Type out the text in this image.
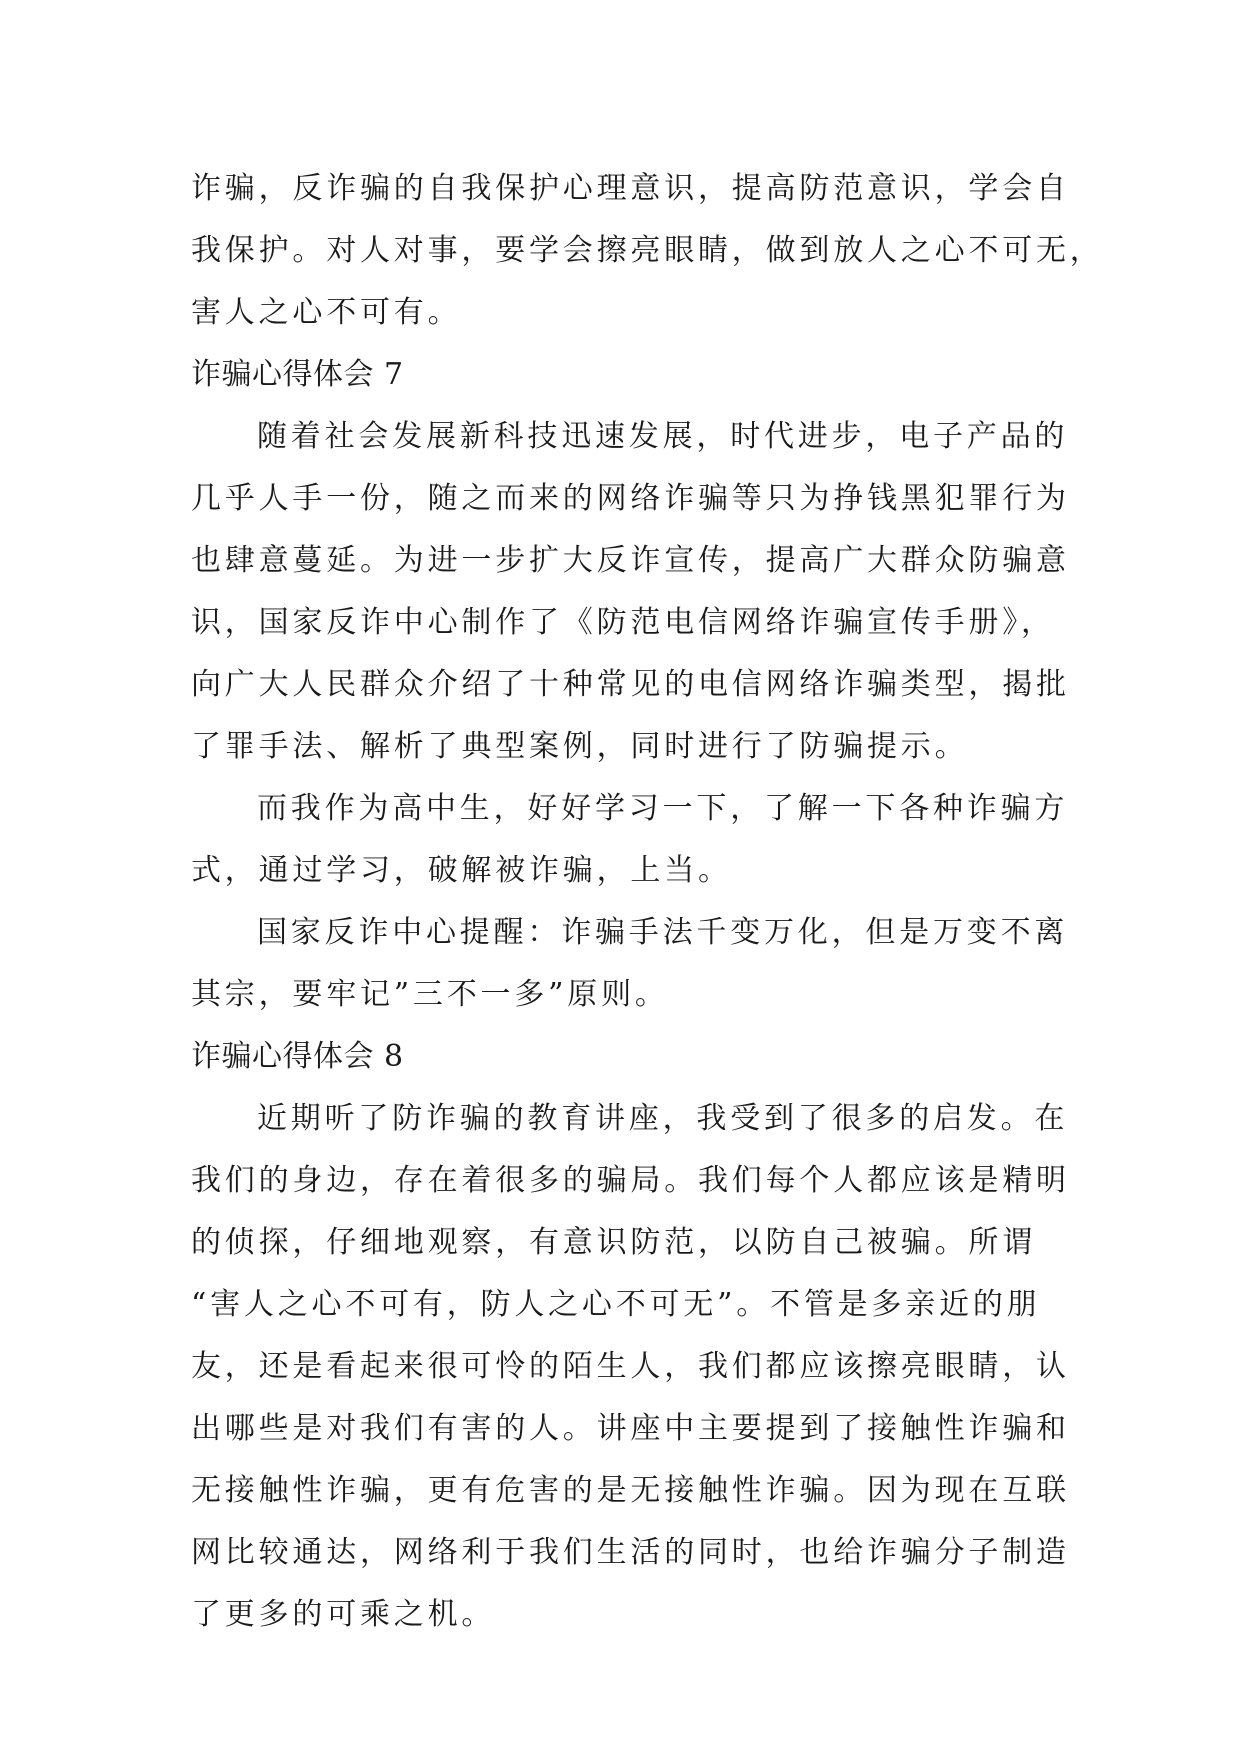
诈骗，反诈骗的自我保护心理意识，提高防范意识，学会自
我保护。对人对事，要学会擦亮眼睛，做到放人之心不可无，
害人之心不可有。
诈骗心得体会 7
随着社会发展新科技迅速发展，时代进步，电子产品的
几乎人手一份，随之而来的网络诈骗等只为挣钱黑犯罪行为
也肆意蔓延。为进一步扩大反诈宣传，提高广大群众防骗意
识，国家反诈中心制作了《防范电信网络诈骗宣传手册》，
向广大人民群众介绍了十种常见的电信网络诈骗类型，揭批
了罪手法、解析了典型案例，同时进行了防骗提示。
而我作为高中生，好好学习一下，了解一下各种诈骗方
式，通过学习，破解被诈骗，上当。
国家反诈中心提醒：诈骗手法千变万化，但是万变不离
其宗，要牢记”三不一多”原则。
诈骗心得体会 8
近期听了防诈骗的教育讲座，我受到了很多的启发。在
我们的身边，存在着很多的骗局。我们每个人都应该是精明
的侦探，仔细地观察，有意识防范，以防自己被骗。所谓
“害人之心不可有，防人之心不可无”。不管是多亲近的朋
友，还是看起来很可怜的陌生人，我们都应该擦亮眼睛，认
出哪些是对我们有害的人。讲座中主要提到了接触性诈骗和
无接触性诈骗，更有危害的是无接触性诈骗。因为现在互联
网比较通达，网络利于我们生活的同时，也给诈骗分子制造
了更多的可乘之机。
